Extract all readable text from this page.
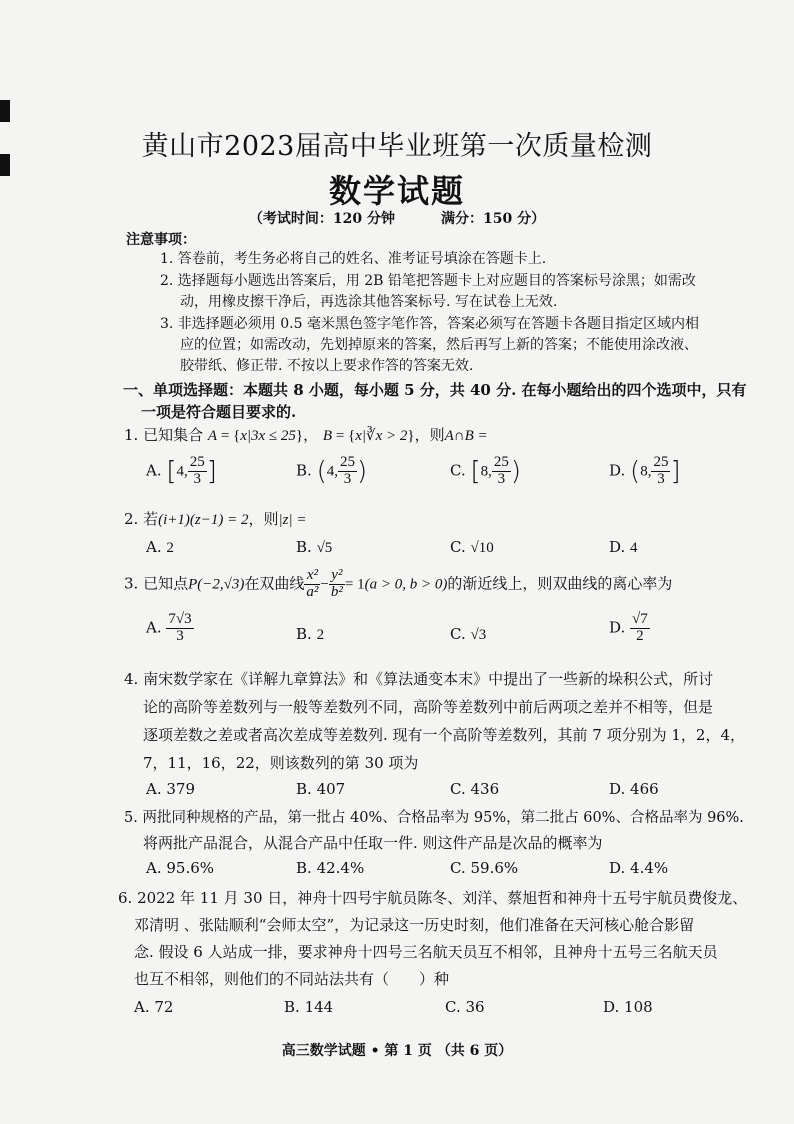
黄山市2023届高中毕业班第一次质量检测
数学试题
（考试时间：120 分钟	满分：150 分）
注意事项：
1. 答卷前，考生务必将自己的姓名、准考证号填涂在答题卡上.
2. 选择题每小题选出答案后，用 2B 铅笔把答题卡上对应题目的答案标号涂黑；如需改
动，用橡皮擦干净后，再选涂其他答案标号. 写在试卷上无效.
3. 非选择题必须用 0.5 毫米黑色签字笔作答，答案必须写在答题卡各题目指定区域内相
应的位置；如需改动，先划掉原来的答案，然后再写上新的答案；不能使用涂改液、
胶带纸、修正带. 不按以上要求作答的答案无效.
一、单项选择题：本题共 8 小题，每小题 5 分，共 40 分. 在每小题给出的四个选项中，只有
一项是符合题目要求的.
1. 已知集合 A = {x|3x ≤ 25}， B = {x|∛x > 2}，则A∩B =
A. [4, $\frac{25}{3}$ ]	B. (4, $\frac{25}{3}$ )	C. [8, $\frac{25}{3}$ )	D. (8, $\frac{25}{3}$ ]
2. 若(i+1)(z−1) = 2，则|z| =
A. 2	B. √5	C. √10	D. 4
3. 已知点P(−2,√3)在双曲线 $\frac{\text{x²}}{\text{a²}} - \frac{\text{y²}}{\text{b²}} = 1(a > 0$, b > 0)的渐近线上，则双曲线的离心率为
A. $\frac{7√3}{3}$	B. 2	C. √3	D. $\frac{√7}{2}$
4. 南宋数学家在《详解九章算法》和《算法通变本末》中提出了一些新的垛积公式，所讨
论的高阶等差数列与一般等差数列不同，高阶等差数列中前后两项之差并不相等，但是
逐项差数之差或者高次差成等差数列. 现有一个高阶等差数列，其前 7 项分别为 1，2，4，
7，11，16，22，则该数列的第 30 项为
A. 379	B. 407	C. 436	D. 466
5. 两批同种规格的产品，第一批占 40%、合格品率为 95%，第二批占 60%、合格品率为 96%.
将两批产品混合，从混合产品中任取一件. 则这件产品是次品的概率为
A. 95.6%	B. 42.4%	C. 59.6%	D. 4.4%
6. 2022 年 11 月 30 日，神舟十四号宇航员陈冬、刘洋、蔡旭哲和神舟十五号宇航员费俊龙、
邓清明 、张陆顺利“会师太空”，为记录这一历史时刻，他们准备在天河核心舱合影留
念. 假设 6 人站成一排，要求神舟十四号三名航天员互不相邻，且神舟十五号三名航天员
也互不相邻，则他们的不同站法共有（　　）种
A. 72	B. 144	C. 36	D. 108
高三数学试题 • 第 1 页 （共 6 页）
